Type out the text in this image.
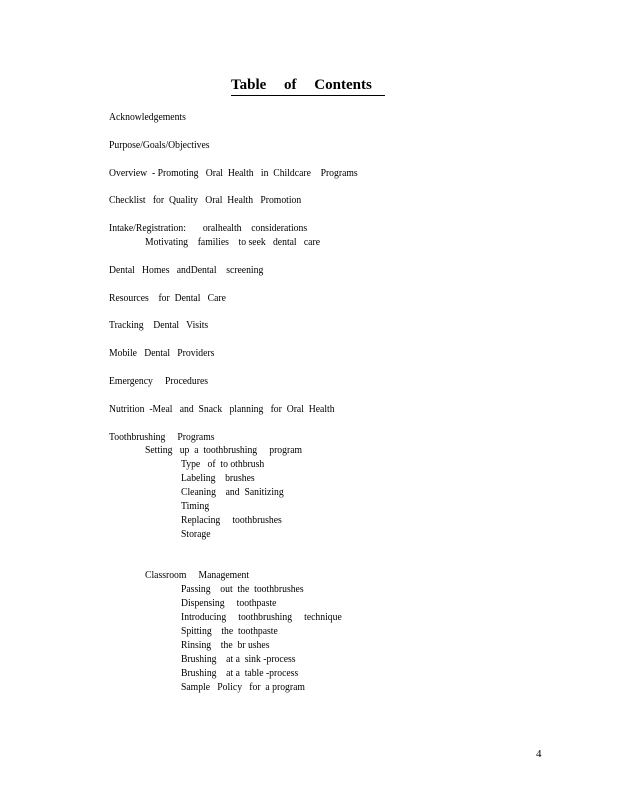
Table of Contents
Acknowledgements
Purpose/Goals/Objectives
Overview  - Promoting   Oral  Health   in  Childcare    Programs
Checklist   for  Quality   Oral  Health   Promotion
Intake/Registration:       oralhealth    considerations
Motivating    families    to seek   dental   care
Dental   Homes   andDental    screening
Resources    for  Dental   Care
Tracking    Dental   Visits
Mobile   Dental   Providers
Emergency     Procedures
Nutrition  -Meal   and  Snack   planning   for  Oral  Health
Toothbrushing     Programs
Setting   up  a  toothbrushing     program
Type   of  to othbrush
Labeling    brushes
Cleaning    and  Sanitizing
Timing
Replacing     toothbrushes
Storage
Classroom     Management
Passing    out  the  toothbrushes
Dispensing     toothpaste
Introducing     toothbrushing     technique
Spitting    the  toothpaste
Rinsing    the  br ushes
Brushing    at a  sink -process
Brushing    at a  table -process
Sample   Policy   for  a program
4
